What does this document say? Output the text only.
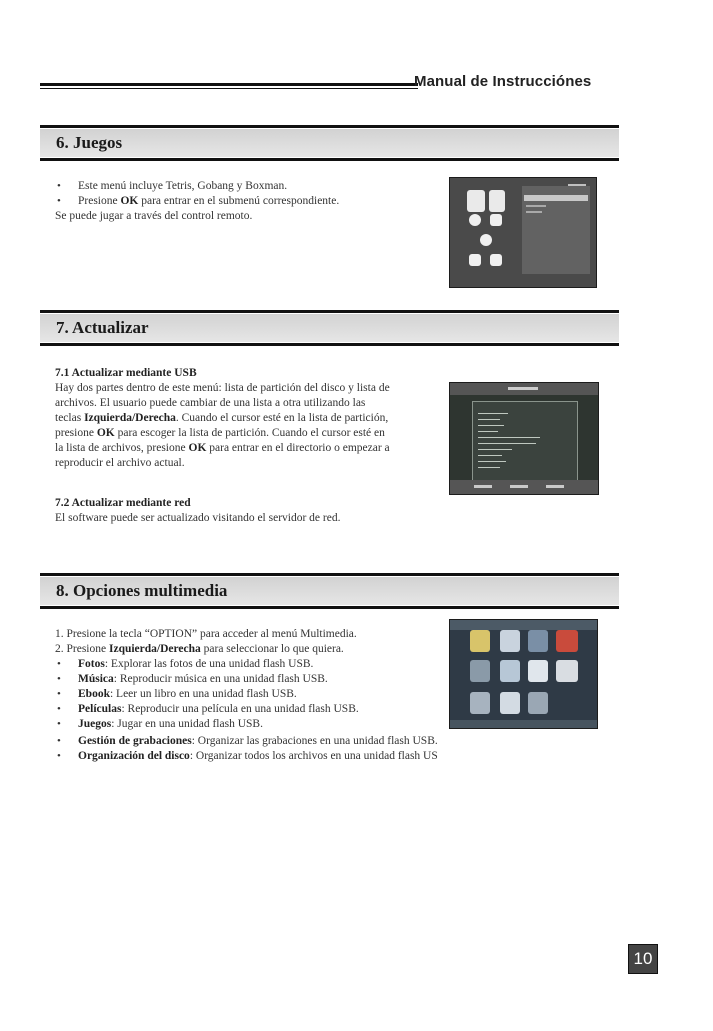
Manual de Instrucciónes
6. Juegos
Este menú incluye Tetris, Gobang y Boxman.
Presione OK para entrar en el submenú correspondiente.
Se puede jugar a través del control remoto.
7. Actualizar
7.1 Actualizar mediante USB
Hay dos partes dentro de este menú: lista de partición del disco y lista de
archivos. El usuario puede cambiar de una lista a otra utilizando las
teclas Izquierda/Derecha. Cuando el cursor esté en la lista de partición,
presione OK para escoger la lista de partición. Cuando el cursor esté en
la lista de archivos, presione OK para entrar en el directorio o empezar a
reproducir el archivo actual.
7.2 Actualizar mediante red
El software puede ser actualizado visitando el servidor de red.
8. Opciones multimedia
1. Presione la tecla “OPTION” para acceder al menú Multimedia.
2. Presione Izquierda/Derecha para seleccionar lo que quiera.
Fotos: Explorar las fotos de una unidad flash USB.
Música: Reproducir música en una unidad flash USB.
Ebook: Leer un libro en una unidad flash USB.
Películas: Reproducir una película en una unidad flash USB.
Juegos: Jugar en una unidad flash USB.
Gestión de grabaciones: Organizar las grabaciones en una unidad flash USB.
Organización del disco: Organizar todos los archivos en una unidad flash US
10
